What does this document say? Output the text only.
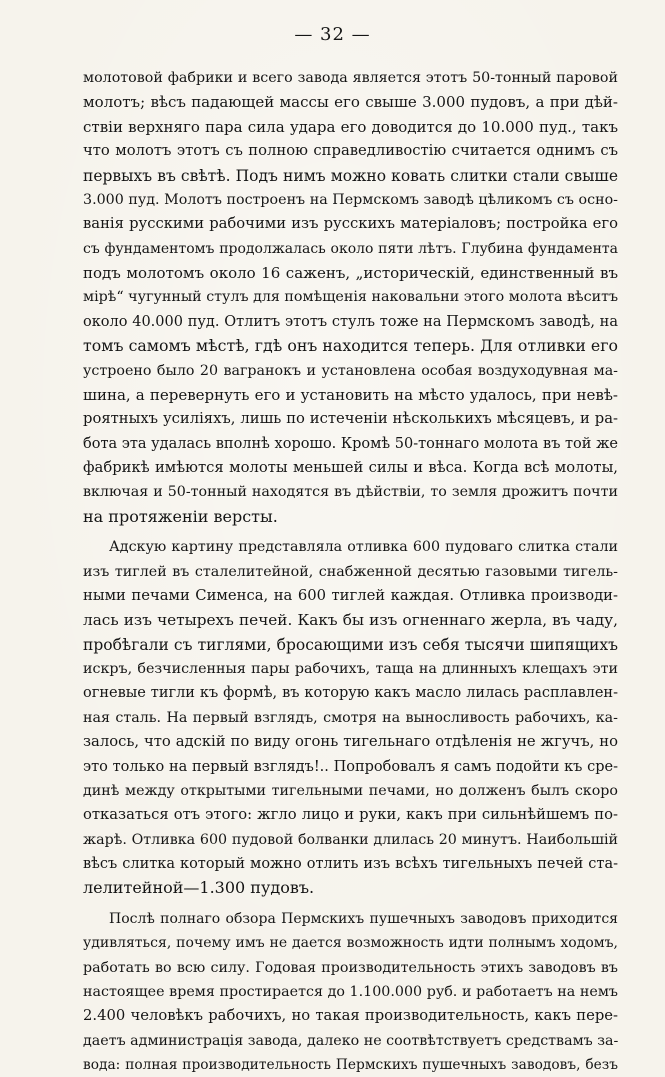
— 32 —
молотовой фабрики и всего завода является этотъ 50-тонный паровой
молотъ; вѣсъ падающей массы его свыше 3.000 пудовъ, а при дѣй-
ствіи верхняго пара сила удара его доводится до 10.000 пуд., такъ
что молотъ этотъ съ полною справедливостію считается однимъ съ
первыхъ въ свѣтѣ. Подъ нимъ можно ковать слитки стали свыше
3.000 пуд. Молотъ построенъ на Пермскомъ заводѣ цѣликомъ съ осно-
ванія русскими рабочими изъ русскихъ матеріаловъ; постройка его
съ фундаментомъ продолжалась около пяти лѣтъ. Глубина фундамента
подъ молотомъ около 16 саженъ, „историческій, единственный въ
мірѣ“ чугунный стулъ для помѣщенія наковальни этого молота вѣситъ
около 40.000 пуд. Отлитъ этотъ стулъ тоже на Пермскомъ заводѣ, на
томъ самомъ мѣстѣ, гдѣ онъ находится теперь. Для отливки его
устроено было 20 вагранокъ и установлена особая воздуходувная ма-
шина, а перевернуть его и установить на мѣсто удалось, при невѣ-
роятныхъ усиліяхъ, лишь по истеченіи нѣсколькихъ мѣсяцевъ, и ра-
бота эта удалась вполнѣ хорошо. Кромѣ 50-тоннаго молота въ той же
фабрикѣ имѣются молоты меньшей силы и вѣса. Когда всѣ молоты,
включая и 50-тонный находятся въ дѣйствіи, то земля дрожитъ почти
на протяженіи версты.
Адскую картину представляла отливка 600 пудоваго слитка стали
изъ тиглей въ сталелитейной, снабженной десятью газовыми тигель-
ными печами Сименса, на 600 тиглей каждая. Отливка производи-
лась изъ четырехъ печей. Какъ бы изъ огненнаго жерла, въ чаду,
пробѣгали съ тиглями, бросающими изъ себя тысячи шипящихъ
искръ, безчисленныя пары рабочихъ, таща на длинныхъ клещахъ эти
огневые тигли къ формѣ, въ которую какъ масло лилась расплавлен-
ная сталь. На первый взглядъ, смотря на выносливость рабочихъ, ка-
залось, что адскій по виду огонь тигельнаго отдѣленія не жгучъ, но
это только на первый взглядъ!.. Попробовалъ я самъ подойти къ сре-
динѣ между открытыми тигельными печами, но долженъ былъ скоро
отказаться отъ этого: жгло лицо и руки, какъ при сильнѣйшемъ по-
жарѣ. Отливка 600 пудовой болванки длилась 20 минутъ. Наибольшій
вѣсъ слитка который можно отлить изъ всѣхъ тигельныхъ печей ста-
лелитейной—1.300 пудовъ.
Послѣ полнаго обзора Пермскихъ пушечныхъ заводовъ приходится
удивляться, почему имъ не дается возможность идти полнымъ ходомъ,
работать во всю силу. Годовая производительность этихъ заводовъ въ
настоящее время простирается до 1.100.000 руб. и работаетъ на немъ
2.400 человѣкъ рабочихъ, но такая производительность, какъ пере-
даетъ администрація завода, далеко не соотвѣтствуетъ средствамъ за-
вода: полная производительность Пермскихъ пушечныхъ заводовъ, безъ
